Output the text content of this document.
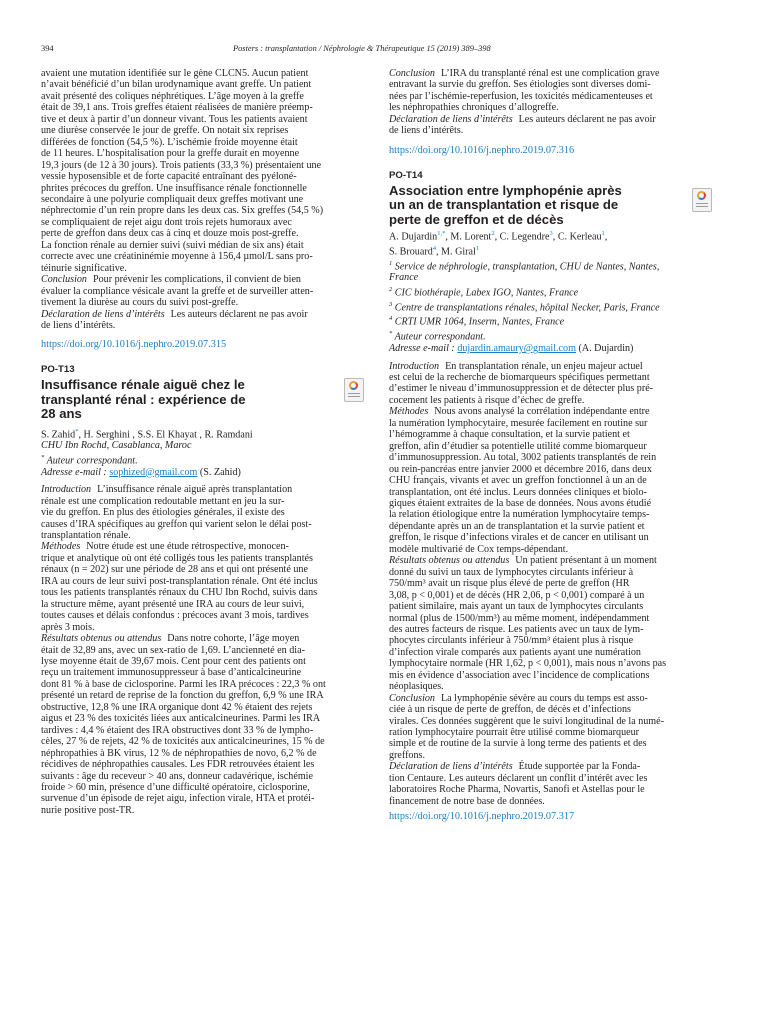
394	Posters : transplantation / Néphrologie & Thérapeutique 15 (2019) 389–398

avaient une mutation identifiée sur le gène CLCN5. Aucun patient
n’avait bénéficié d’un bilan urodynamique avant greffe. Un patient
avait présenté des coliques néphrétiques. L’âge moyen à la greffe
était de 39,1 ans. Trois greffes étaient réalisées de manière préemp-
tive et deux à partir d’un donneur vivant. Tous les patients avaient
une diurèse conservée le jour de greffe. On notait six reprises
différées de fonction (54,5 %). L’ischémie froide moyenne était
de 11 heures. L’hospitalisation pour la greffe durait en moyenne
19,3 jours (de 12 à 30 jours). Trois patients (33,3 %) présentaient une
vessie hyposensible et de forte capacité entraînant des pyéloné-
phrites précoces du greffon. Une insuffisance rénale fonctionnelle
secondaire à une polyurie compliquait deux greffes motivant une
néphrectomie d’un rein propre dans les deux cas. Six greffes (54,5 %)
se compliquaient de rejet aigu dont trois rejets humoraux avec
perte de greffon dans deux cas à cinq et douze mois post-greffe.
La fonction rénale au dernier suivi (suivi médian de six ans) était
correcte avec une créatininémie moyenne à 156,4 µmol/L sans pro-
téinurie significative.

Conclusion Pour prévenir les complications, il convient de bien
évaluer la compliance vésicale avant la greffe et de surveiller atten-
tivement la diurèse au cours du suivi post-greffe.

Déclaration de liens d’intérêts Les auteurs déclarent ne pas avoir
de liens d’intérêts.

https://doi.org/10.1016/j.nephro.2019.07.315
PO-T13
Insuffisance rénale aiguë chez le
transplanté rénal : expérience de
28 ans

S. Zahid*, H. Serghini , S.S. El Khayat , R. Ramdani

CHU Ibn Rochd, Casablanca, Maroc

* Auteur correspondant.

Adresse e-mail : sophized@gmail.com (S. Zahid)

Introduction L’insuffisance rénale aiguë après transplantation
rénale est une complication redoutable mettant en jeu la sur-
vie du greffon. En plus des étiologies générales, il existe des
causes d’IRA spécifiques au greffon qui varient selon le délai post-
transplantation rénale.

Méthodes Notre étude est une étude rétrospective, monocen-
trique et analytique où ont été colligés tous les patients transplantés
rénaux (n = 202) sur une période de 28 ans et qui ont présenté une
IRA au cours de leur suivi post-transplantation rénale. Ont été inclus
tous les patients transplantés rénaux du CHU Ibn Rochd, suivis dans
la structure même, ayant présenté une IRA au cours de leur suivi,
toutes causes et délais confondus : précoces avant 3 mois, tardives
après 3 mois.

Résultats obtenus ou attendus Dans notre cohorte, l’âge moyen
était de 32,89 ans, avec un sex-ratio de 1,69. L’ancienneté en dia-
lyse moyenne était de 39,67 mois. Cent pour cent des patients ont
reçu un traitement immunosuppresseur à base d’anticalcineurine
dont 81 % à base de ciclosporine. Parmi les IRA précoces : 22,3 % ont
présenté un retard de reprise de la fonction du greffon, 6,9 % une IRA
obstructive, 12,8 % une IRA organique dont 42 % étaient des rejets
aigus et 23 % des toxicités liées aux anticalcineurines. Parmi les IRA
tardives : 4,4 % étaient des IRA obstructives dont 33 % de lympho-
cèles, 27 % de rejets, 42 % de toxicités aux anticalcineurines, 15 % de
néphropathies à BK virus, 12 % de néphropathies de novo, 6,2 % de
récidives de néphropathies causales. Les FDR retrouvées étaient les
suivants : âge du receveur > 40 ans, donneur cadavérique, ischémie
froide > 60 min, présence d’une difficulté opératoire, ciclosporine,
survenue d’un épisode de rejet aigu, infection virale, HTA et protéi-
nurie positive post-TR.

Conclusion L’IRA du transplanté rénal est une complication grave
entravant la survie du greffon. Ses étiologies sont diverses domi-
nées par l’ischémie-reperfusion, les toxicités médicamenteuses et
les néphropathies chroniques d’allogreffe.

Déclaration de liens d’intérêts Les auteurs déclarent ne pas avoir
de liens d’intérêts.

https://doi.org/10.1016/j.nephro.2019.07.316
PO-T14
Association entre lymphopénie après
un an de transplantation et risque de
perte de greffon et de décès

A. Dujardin$^{1,*}$, M. Lorent$^2$, C. Legendre$^3$, C. Kerleau$^1$,
S. Brouard$^4$, M. Giral$^1$

$^1$ Service de néphrologie, transplantation, CHU de Nantes, Nantes,
France

$^2$ CIC biothérapie, Labex IGO, Nantes, France

$^3$ Centre de transplantations rénales, hôpital Necker, Paris, France

$^4$ CRTI UMR 1064, Inserm, Nantes, France

* Auteur correspondant.

Adresse e-mail : dujardin.amaury@gmail.com (A. Dujardin)

Introduction En transplantation rénale, un enjeu majeur actuel
est celui de la recherche de biomarqueurs spécifiques permettant
d’estimer le niveau d’immunosuppression et de détecter plus pré-
cocement les patients à risque d’échec de greffe.

Méthodes Nous avons analysé la corrélation indépendante entre
la numération lymphocytaire, mesurée facilement en routine sur
l’hémogramme à chaque consultation, et la survie patient et
greffon, afin d’étudier sa potentielle utilité comme biomarqueur
d’immunosuppression. Au total, 3002 patients transplantés de rein
ou rein-pancréas entre janvier 2000 et décembre 2016, dans deux
CHU français, vivants et avec un greffon fonctionnel à un an de
transplantation, ont été inclus. Leurs données cliniques et biolo-
giques étaient extraites de la base de données. Nous avons étudié
la relation étiologique entre la numération lymphocytaire temps-
dépendante après un an de transplantation et la survie patient et
greffon, le risque d’infections virales et de cancer en utilisant un
modèle multivarié de Cox temps-dépendant.

Résultats obtenus ou attendus Un patient présentant à un moment
donné du suivi un taux de lymphocytes circulants inférieur à
750/mm³ avait un risque plus élevé de perte de greffon (HR
3,08, p < 0,001) et de décès (HR 2,06, p < 0,001) comparé à un
patient similaire, mais ayant un taux de lymphocytes circulants
normal (plus de 1500/mm³) au même moment, indépendamment
des autres facteurs de risque. Les patients avec un taux de lym-
phocytes circulants inférieur à 750/mm³ étaient plus à risque
d’infection virale comparés aux patients ayant une numération
lymphocytaire normale (HR 1,62, p < 0,001), mais nous n’avons pas
mis en évidence d’association avec l’incidence de complications
néoplasiques.

Conclusion La lymphopénie sévère au cours du temps est asso-
ciée à un risque de perte de greffon, de décès et d’infections
virales. Ces données suggèrent que le suivi longitudinal de la numé-
ration lymphocytaire pourrait être utilisé comme biomarqueur
simple et de routine de la survie à long terme des patients et des
greffons.

Déclaration de liens d’intérêts Étude supportée par la Fonda-
tion Centaure. Les auteurs déclarent un conflit d’intérêt avec les
laboratoires Roche Pharma, Novartis, Sanofi et Astellas pour le
financement de notre base de données.

https://doi.org/10.1016/j.nephro.2019.07.317
